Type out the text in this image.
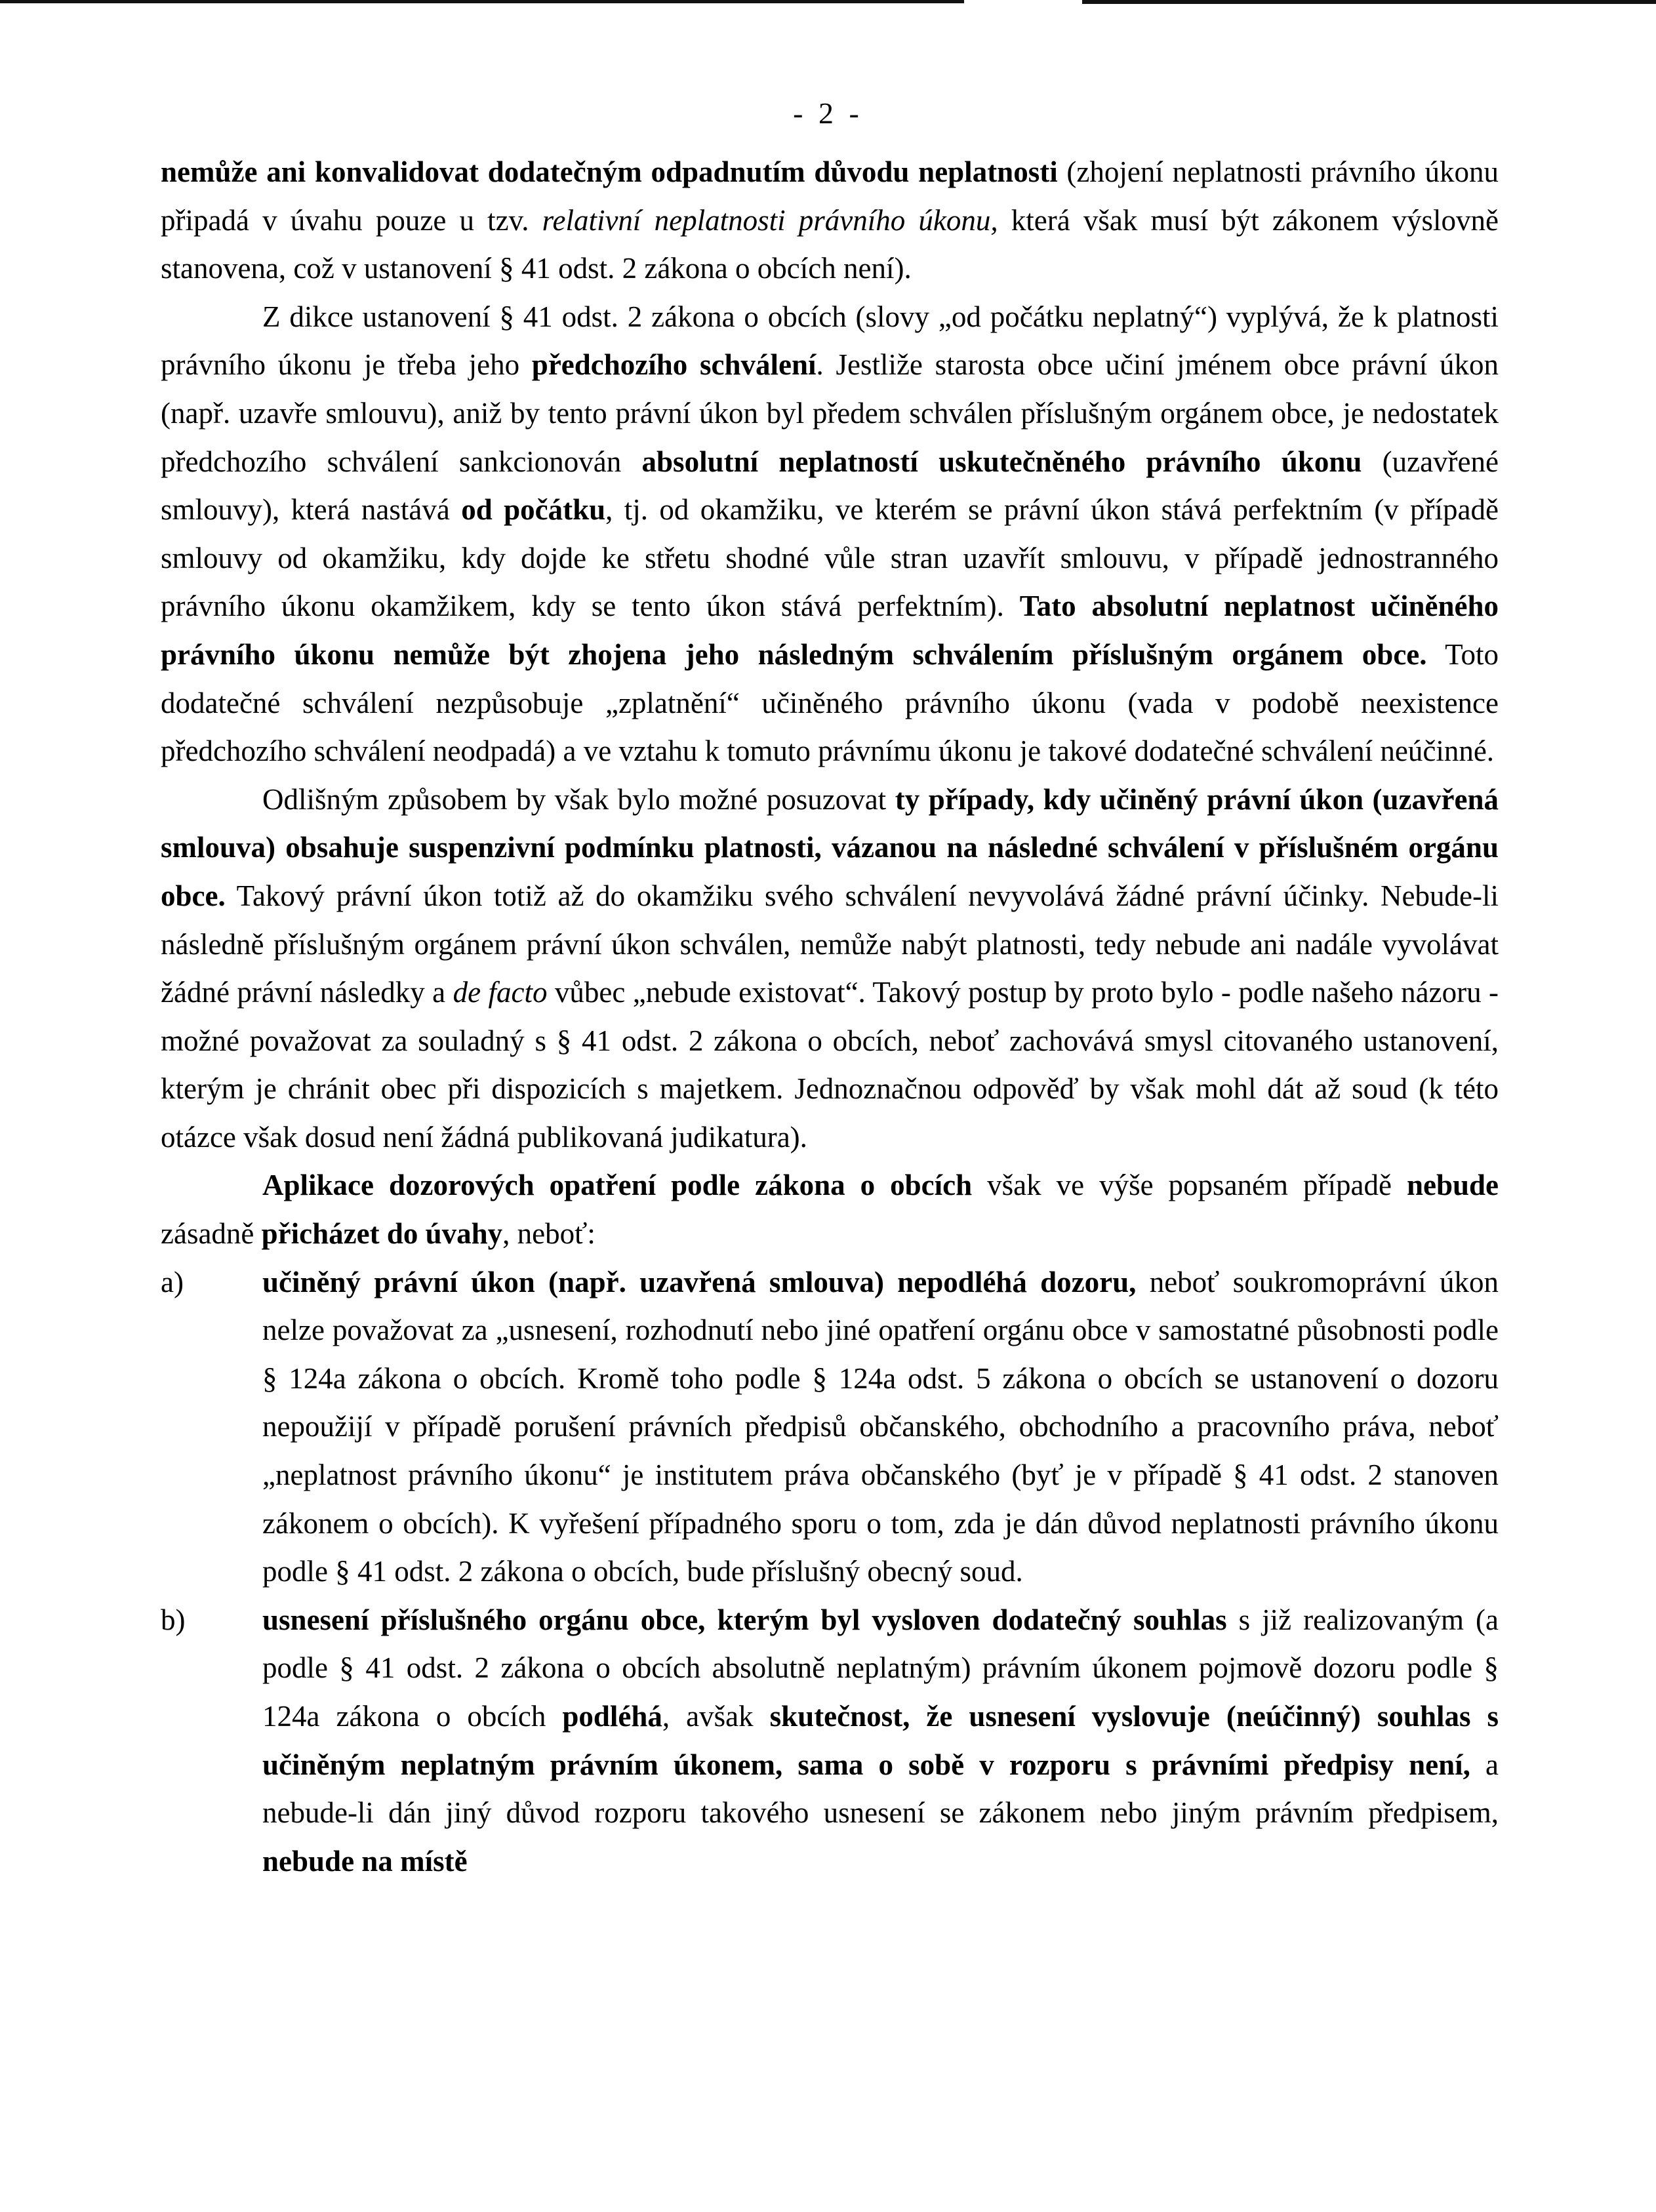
- 2 -

nemůže ani konvalidovat dodatečným odpadnutím důvodu neplatnosti (zhojení neplatnosti právního úkonu připadá v úvahu pouze u tzv. relativní neplatnosti právního úkonu, která však musí být zákonem výslovně stanovena, což v ustanovení § 41 odst. 2 zákona o obcích není).

Z dikce ustanovení § 41 odst. 2 zákona o obcích (slovy „od počátku neplatný“) vyplývá, že k platnosti právního úkonu je třeba jeho předchozího schválení. Jestliže starosta obce učiní jménem obce právní úkon (např. uzavře smlouvu), aniž by tento právní úkon byl předem schválen příslušným orgánem obce, je nedostatek předchozího schválení sankcionován absolutní neplatností uskutečněného právního úkonu (uzavřené smlouvy), která nastává od počátku, tj. od okamžiku, ve kterém se právní úkon stává perfektním (v případě smlouvy od okamžiku, kdy dojde ke střetu shodné vůle stran uzavřít smlouvu, v případě jednostranného právního úkonu okamžikem, kdy se tento úkon stává perfektním). Tato absolutní neplatnost učiněného právního úkonu nemůže být zhojena jeho následným schválením příslušným orgánem obce. Toto dodatečné schválení nezpůsobuje „zplatnění“ učiněného právního úkonu (vada v podobě neexistence předchozího schválení neodpadá) a ve vztahu k tomuto právnímu úkonu je takové dodatečné schválení neúčinné.

Odlišným způsobem by však bylo možné posuzovat ty případy, kdy učiněný právní úkon (uzavřená smlouva) obsahuje suspenzivní podmínku platnosti, vázanou na následné schválení v příslušném orgánu obce. Takový právní úkon totiž až do okamžiku svého schválení nevyvolává žádné právní účinky. Nebude-li následně příslušným orgánem právní úkon schválen, nemůže nabýt platnosti, tedy nebude ani nadále vyvolávat žádné právní následky a de facto vůbec „nebude existovat“. Takový postup by proto bylo - podle našeho názoru - možné považovat za souladný s § 41 odst. 2 zákona o obcích, neboť zachovává smysl citovaného ustanovení, kterým je chránit obec při dispozicích s majetkem. Jednoznačnou odpověď by však mohl dát až soud (k této otázce však dosud není žádná publikovaná judikatura).

Aplikace dozorových opatření podle zákona o obcích však ve výše popsaném případě nebude zásadně přicházet do úvahy, neboť:

a)	učiněný právní úkon (např. uzavřená smlouva) nepodléhá dozoru, neboť soukromoprávní úkon nelze považovat za „usnesení, rozhodnutí nebo jiné opatření orgánu obce v samostatné působnosti podle § 124a zákona o obcích. Kromě toho podle § 124a odst. 5 zákona o obcích se ustanovení o dozoru nepoužijí v případě porušení právních předpisů občanského, obchodního a pracovního práva, neboť „neplatnost právního úkonu“ je institutem práva občanského (byť je v případě § 41 odst. 2 stanoven zákonem o obcích). K vyřešení případného sporu o tom, zda je dán důvod neplatnosti právního úkonu podle § 41 odst. 2 zákona o obcích, bude příslušný obecný soud.

b)	usnesení příslušného orgánu obce, kterým byl vysloven dodatečný souhlas s již realizovaným (a podle § 41 odst. 2 zákona o obcích absolutně neplatným) právním úkonem pojmově dozoru podle § 124a zákona o obcích podléhá, avšak skutečnost, že usnesení vyslovuje (neúčinný) souhlas s učiněným neplatným právním úkonem, sama o sobě v rozporu s právními předpisy není, a nebude-li dán jiný důvod rozporu takového usnesení se zákonem nebo jiným právním předpisem, nebude na místě
